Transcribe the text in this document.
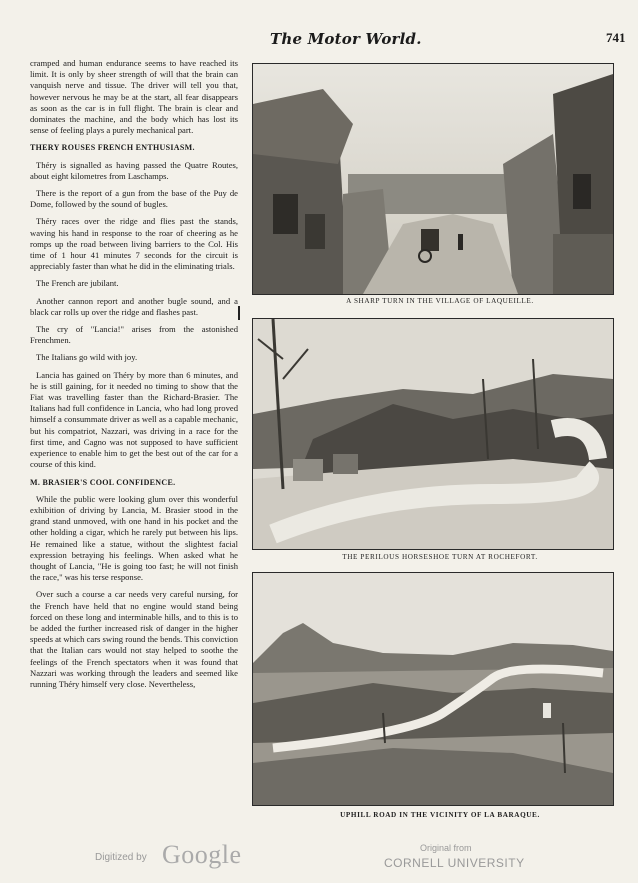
The Motor World.	741

cramped and human endurance seems to have reached its limit. It is only by sheer strength of will that the brain can vanquish nerve and tissue. The driver will tell you that, however nervous he may be at the start, all fear disappears as soon as the car is in full flight. The brain is clear and dominates the machine, and the body which has lost its sense of feeling plays a purely mechanical part.

THERY ROUSES FRENCH ENTHUSIASM.

Théry is signalled as having passed the Quatre Routes, about eight kilometres from Laschamps.

There is the report of a gun from the base of the Puy de Dome, followed by the sound of bugles.

Théry races over the ridge and flies past the stands, waving his hand in response to the roar of cheering as he romps up the road between living barriers to the Col. His time of 1 hour 41 minutes 7 seconds for the circuit is appreciably faster than what he did in the eliminating trials.

The French are jubilant.

Another cannon report and another bugle sound, and a black car rolls up over the ridge and flashes past.

The cry of "Lancia!" arises from the astonished Frenchmen.

The Italians go wild with joy.

Lancia has gained on Théry by more than 6 minutes, and he is still gaining, for it needed no timing to show that the Fiat was travelling faster than the Richard-Brasier. The Italians had full confidence in Lancia, who had long proved himself a consummate driver as well as a capable mechanic, but his compatriot, Nazzari, was driving in a race for the first time, and Cagno was not supposed to have sufficient experience to enable him to get the best out of the car for a course of this kind.

M. BRASIER'S COOL CONFIDENCE.

While the public were looking glum over this wonderful exhibition of driving by Lancia, M. Brasier stood in the grand stand unmoved, with one hand in his pocket and the other holding a cigar, which he rarely put between his lips. He remained like a statue, without the slightest facial expression betraying his feelings. When asked what he thought of Lancia, "He is going too fast; he will not finish the race," was his terse response.

Over such a course a car needs very careful nursing, for the French have held that no engine would stand being forced on these long and interminable hills, and to this is to be added the further increased risk of danger in the higher speeds at which cars swing round the bends. This conviction that the Italian cars would not stay helped to soothe the feelings of the French spectators when it was found that Nazzari was working through the leaders and seemed like running Théry himself very close. Nevertheless,

A SHARP TURN IN THE VILLAGE OF LAQUEILLE.
THE PERILOUS HORSESHOE TURN AT ROCHEFORT.
UPHILL ROAD IN THE VICINITY OF LA BARAQUE.
Digitized by Google	Original from
CORNELL UNIVERSITY
